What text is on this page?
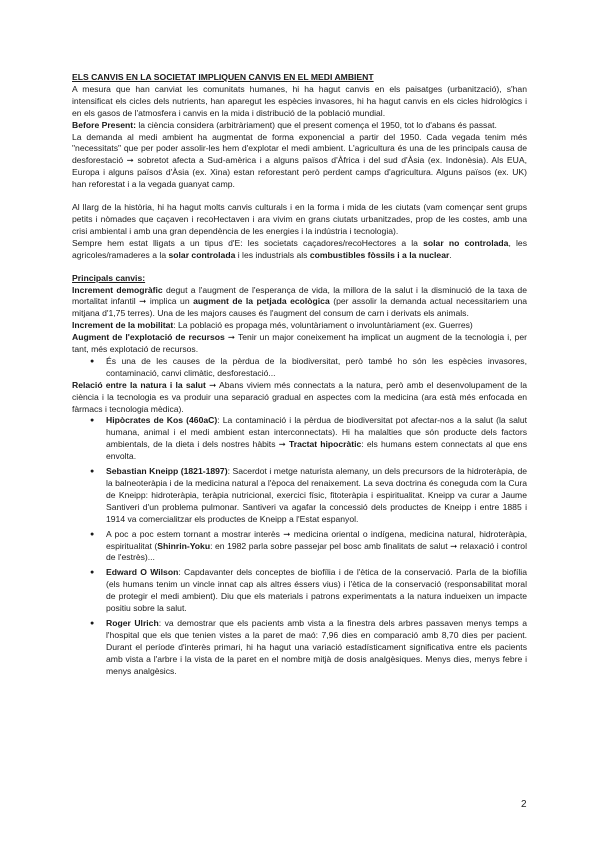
ELS CANVIS EN LA SOCIETAT IMPLIQUEN CANVIS EN EL MEDI AMBIENT

A mesura que han canviat les comunitats humanes, hi ha hagut canvis en els paisatges (urbanització), s'han intensificat els cicles dels nutrients, han aparegut les espècies invasores, hi ha hagut canvis en els cicles hidrològics i en els gasos de l'atmosfera i canvis en la mida i distribució de la població mundial.

Before Present: la ciència considera (arbitràriament) que el present comença el 1950, tot lo d'abans és passat.

La demanda al medi ambient ha augmentat de forma exponencial a partir del 1950. Cada vegada tenim més "necessitats" que per poder assolir-les hem d'explotar el medi ambient. L'agricultura és una de les principals causa de desforestació ➞ sobretot afecta a Sud-amèrica i a alguns països d'Àfrica i del sud d'Àsia (ex. Indonèsia). Als EUA, Europa i alguns països d'Àsia (ex. Xina) estan reforestant però perdent camps d'agricultura. Alguns països (ex. UK) han reforestat i a la vegada guanyat camp.

Al llarg de la història, hi ha hagut molts canvis culturals i en la forma i mida de les ciutats (vam començar sent grups petits i nòmades que caçaven i recoHectaven i ara vivim en grans ciutats urbanitzades, prop de les costes, amb una crisi ambiental i amb una gran dependència de les energies i la indústria i tecnologia).

Sempre hem estat lligats a un tipus d'E: les societats caçadores/recoHectores a la solar no controlada, les agricoles/ramaderes a la solar controlada i les industrials als combustibles fòssils i a la nuclear.

Principals canvis:

Increment demogràfic degut a l'augment de l'esperança de vida, la millora de la salut i la disminució de la taxa de mortalitat infantil ➞ implica un augment de la petjada ecològica (per assolir la demanda actual necessitariem una mitjana d'1,75 terres). Una de les majors causes és l'augment del consum de carn i derivats els animals.

Increment de la mobilitat: La població es propaga més, voluntàriament o involuntàriament (ex. Guerres)

Augment de l'explotació de recursos ➞ Tenir un major coneixement ha implicat un augment de la tecnologia i, per tant, més explotació de recursos.

● És una de les causes de la pèrdua de la biodiversitat, però també ho són les espècies invasores, contaminació, canvi climàtic, desforestació...

Relació entre la natura i la salut ➞ Abans viviem més connectats a la natura, però amb el desenvolupament de la ciència i la tecnologia es va produir una separació gradual en aspectes com la medicina (ara està més enfocada en fàrmacs i tecnologia mèdica).

● Hipòcrates de Kos (460aC): La contaminació i la pèrdua de biodiversitat pot afectar-nos a la salut (la salut humana, animal i el medi ambient estan interconnectats). Hi ha malalties que són producte dels factors ambientals, de la dieta i dels nostres hàbits ➞ Tractat hipocràtic: els humans estem connectats al que ens envolta.
● Sebastian Kneipp (1821-1897): Sacerdot i metge naturista alemany, un dels precursors de la hidroteràpia, de la balneoteràpia i de la medicina natural a l'època del renaixement. La seva doctrina és coneguda com la Cura de Kneipp: hidroteràpia, teràpia nutricional, exercici físic, fitoteràpia i espiritualitat. Kneipp va curar a Jaume Santiveri d'un problema pulmonar. Santiveri va agafar la concessió dels productes de Kneipp i entre 1885 i 1914 va comercialitzar els productes de Kneipp a l'Estat espanyol.
● A poc a poc estem tornant a mostrar interès ➞ medicina oriental o indígena, medicina natural, hidroteràpia, espiritualitat (Shinrin-Yoku: en 1982 parla sobre passejar pel bosc amb finalitats de salut ➞ relaxació i control de l'estrès)...
● Edward O Wilson: Capdavanter dels conceptes de biofília i de l'ètica de la conservació. Parla de la biofília (els humans tenim un vincle innat cap als altres éssers vius) i l'ètica de la conservació (responsabilitat moral de protegir el medi ambient). Diu que els materials i patrons experimentats a la natura indueixen un impacte positiu sobre la salut.
● Roger Ulrich: va demostrar que els pacients amb vista a la finestra dels arbres passaven menys temps a l'hospital que els que tenien vistes a la paret de maó: 7,96 dies en comparació amb 8,70 dies per pacient. Durant el període d'interès primari, hi ha hagut una variació estadísticament significativa entre els pacients amb vista a l'arbre i la vista de la paret en el nombre mitjà de dosis analgèsiques. Menys dies, menys febre i menys analgèsics.
2
